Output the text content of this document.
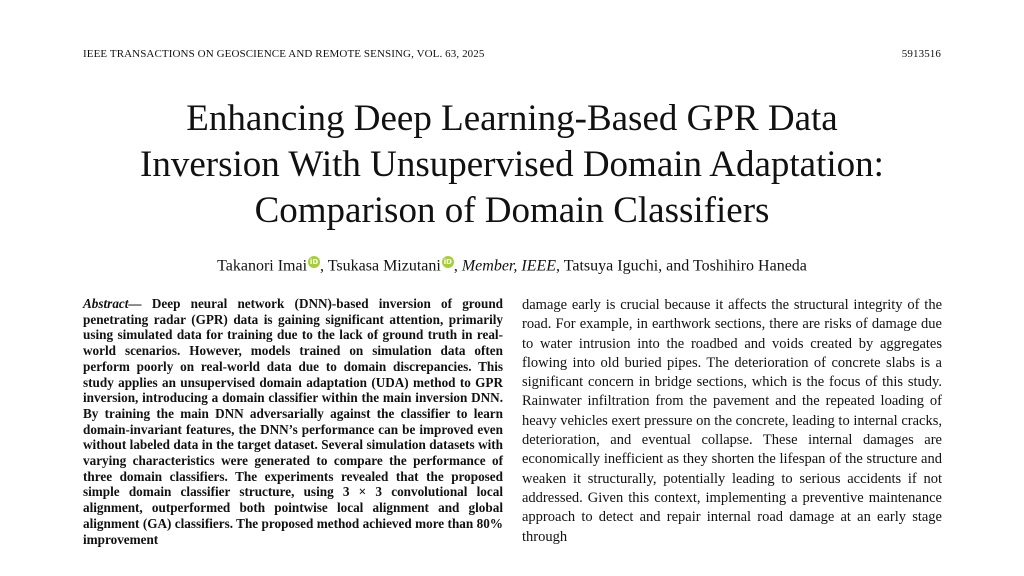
IEEE TRANSACTIONS ON GEOSCIENCE AND REMOTE SENSING, VOL. 63, 2025	5913516
Enhancing Deep Learning-Based GPR Data
Inversion With Unsupervised Domain Adaptation:
Comparison of Domain Classifiers
Takanori Imai iD , Tsukasa Mizutani iD , Member, IEEE, Tatsuya Iguchi, and Toshihiro Haneda

Abstract— Deep neural network (DNN)-based inversion of ground penetrating radar (GPR) data is gaining significant attention, primarily using simulated data for training due to the lack of ground truth in real-world scenarios. However, models trained on simulation data often perform poorly on real-world data due to domain discrepancies. This study applies an unsupervised domain adaptation (UDA) method to GPR inversion, introducing a domain classifier within the main inversion DNN. By training the main DNN adversarially against the classifier to learn domain-invariant features, the DNN’s performance can be improved even without labeled data in the target dataset. Several simulation datasets with varying characteristics were generated to compare the performance of three domain classifiers. The experiments revealed that the proposed simple domain classifier structure, using 3 × 3 convolutional local alignment, outperformed both pointwise local alignment and global alignment (GA) classifiers. The proposed method achieved more than 80% improvement

damage early is crucial because it affects the structural integrity of the road. For example, in earthwork sections, there are risks of damage due to water intrusion into the roadbed and voids created by aggregates flowing into old buried pipes. The deterioration of concrete slabs is a significant concern in bridge sections, which is the focus of this study. Rainwater infiltration from the pavement and the repeated loading of heavy vehicles exert pressure on the concrete, leading to internal cracks, deterioration, and eventual collapse. These internal damages are economically inefficient as they shorten the lifespan of the structure and weaken it structurally, potentially leading to serious accidents if not addressed. Given this context, implementing a preventive maintenance approach to detect and repair internal road damage at an early stage through
